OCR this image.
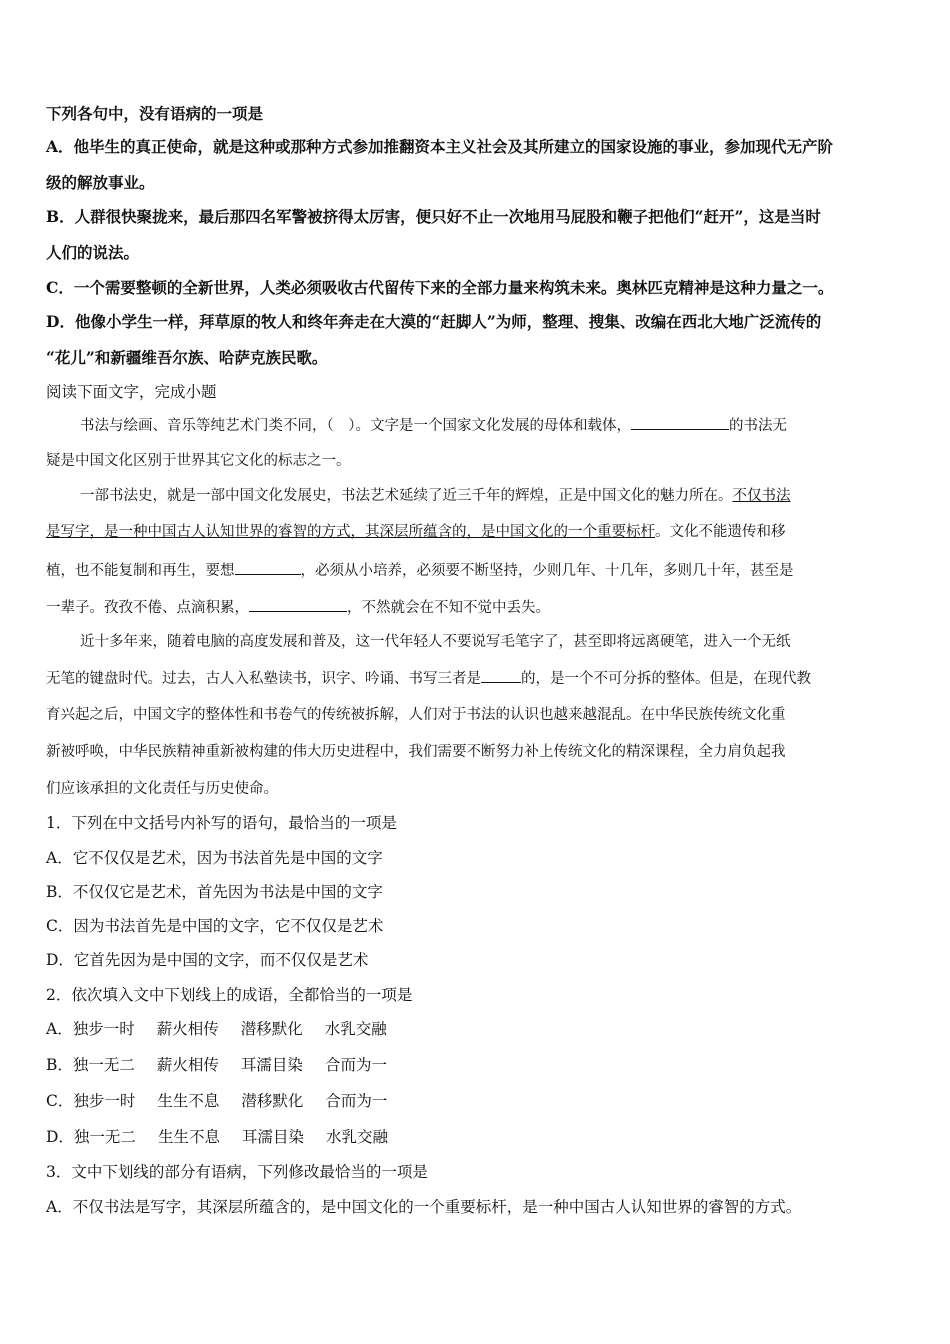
下列各句中，没有语病的一项是
A．他毕生的真正使命，就是这种或那种方式参加推翻资本主义社会及其所建立的国家设施的事业，参加现代无产阶
级的解放事业。
B．人群很快聚拢来，最后那四名军警被挤得太厉害，便只好不止一次地用马屁股和鞭子把他们“赶开”，这是当时
人们的说法。
C．一个需要整顿的全新世界，人类必须吸收古代留传下来的全部力量来构筑未来。奥林匹克精神是这种力量之一。
D．他像小学生一样，拜草原的牧人和终年奔走在大漠的“赶脚人”为师，整理、搜集、改编在西北大地广泛流传的
“花儿”和新疆维吾尔族、哈萨克族民歌。
阅读下面文字，完成小题
书法与绘画、音乐等纯艺术门类不同，（　）。文字是一个国家文化发展的母体和载体，	的书法无
疑是中国文化区别于世界其它文化的标志之一。
一部书法史，就是一部中国文化发展史，书法艺术延续了近三千年的辉煌，正是中国文化的魅力所在。不仅书法
是写字，是一种中国古人认知世界的睿智的方式，其深层所蕴含的，是中国文化的一个重要标杆。文化不能遗传和移
植，也不能复制和再生，要想	，必须从小培养，必须要不断坚持，少则几年、十几年，多则几十年，甚至是
一辈子。孜孜不倦、点滴积累，	，不然就会在不知不觉中丢失。
近十多年来，随着电脑的高度发展和普及，这一代年轻人不要说写毛笔字了，甚至即将远离硬笔，进入一个无纸
无笔的键盘时代。过去，古人入私塾读书，识字、吟诵、书写三者是	的，是一个不可分拆的整体。但是，在现代教
育兴起之后，中国文字的整体性和书卷气的传统被拆解，人们对于书法的认识也越来越混乱。在中华民族传统文化重
新被呼唤，中华民族精神重新被构建的伟大历史进程中，我们需要不断努力补上传统文化的精深课程，全力肩负起我
们应该承担的文化责任与历史使命。
1．下列在中文括号内补写的语句，最恰当的一项是
A．它不仅仅是艺术，因为书法首先是中国的文字
B．不仅仅它是艺术，首先因为书法是中国的文字
C．因为书法首先是中国的文字，它不仅仅是艺术
D．它首先因为是中国的文字，而不仅仅是艺术
2．依次填入文中下划线上的成语，全都恰当的一项是
A．独步一时 薪火相传 潜移默化 水乳交融
B．独一无二 薪火相传 耳濡目染 合而为一
C．独步一时 生生不息 潜移默化 合而为一
D．独一无二 生生不息 耳濡目染 水乳交融
3．文中下划线的部分有语病，下列修改最恰当的一项是
A．不仅书法是写字，其深层所蕴含的，是中国文化的一个重要标杆，是一种中国古人认知世界的睿智的方式。
